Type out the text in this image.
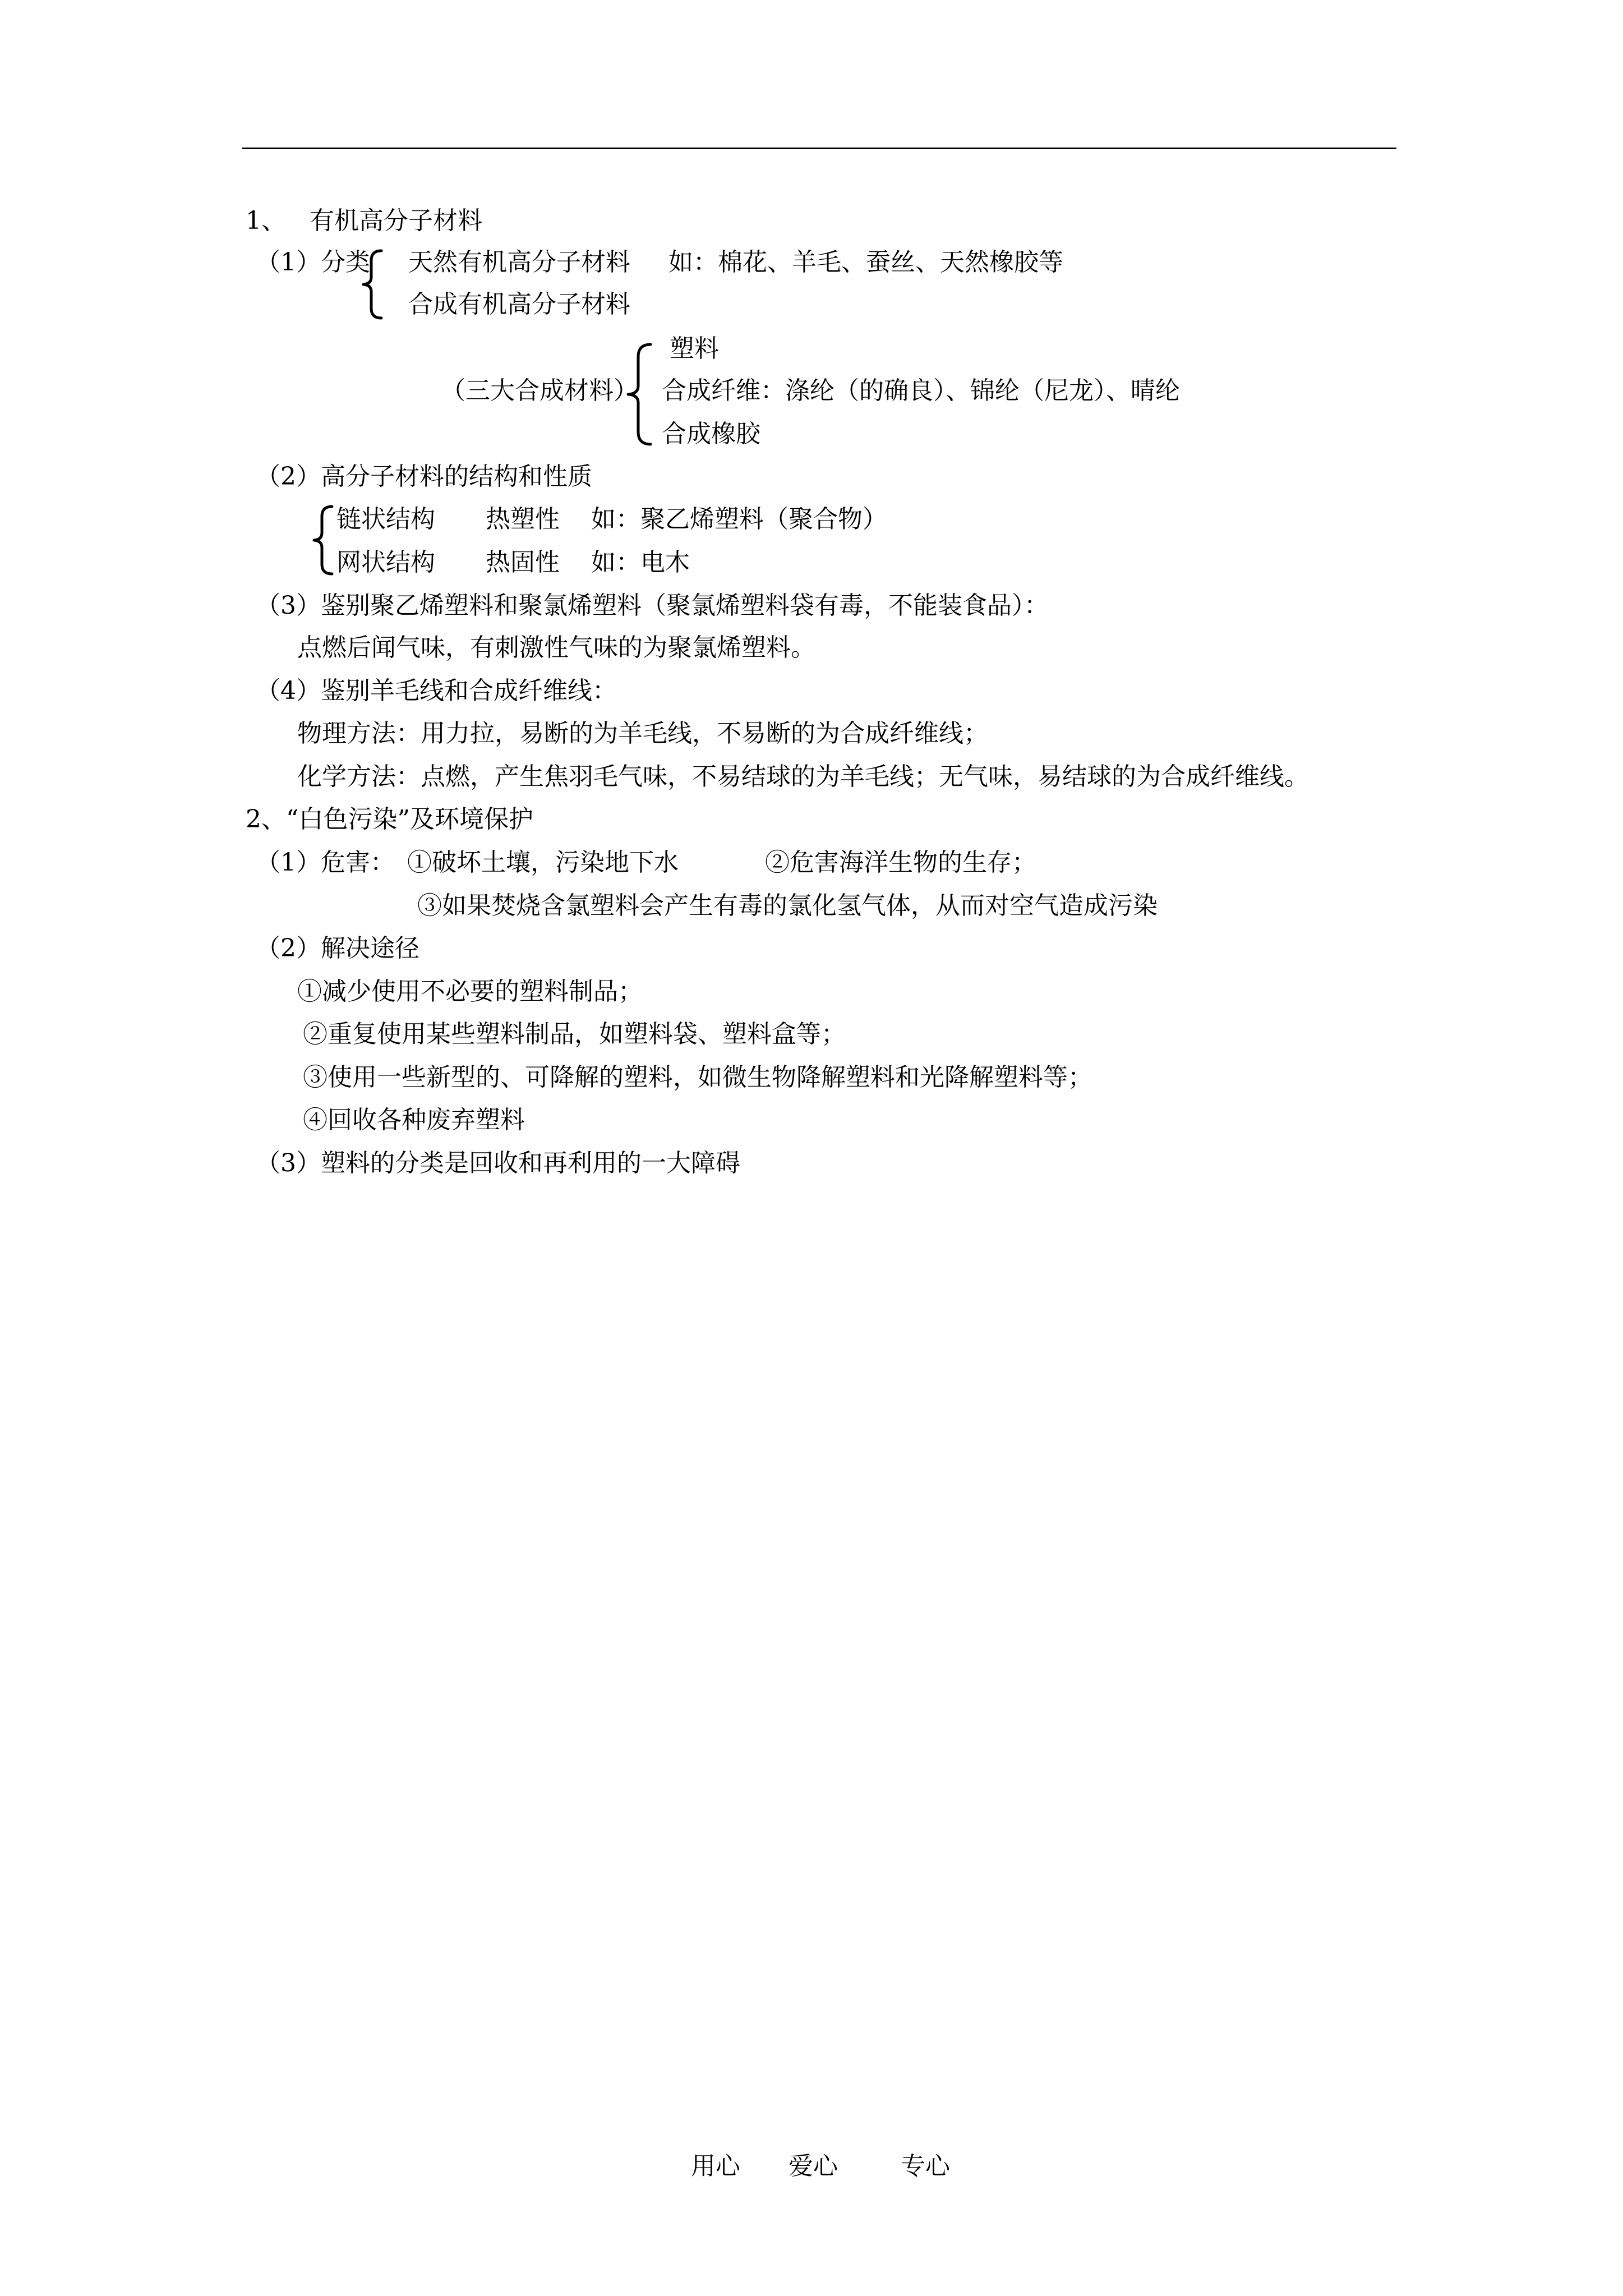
1、 有机高分子材料
（1）分类 天然有机高分子材料 如：棉花、羊毛、蚕丝、天然橡胶等
合成有机高分子材料
（三大合成材料）
塑料
合成纤维：涤纶（的确良）、锦纶（尼龙）、晴纶
合成橡胶
（2）高分子材料的结构和性质
链状结构 热塑性 如：聚乙烯塑料（聚合物）
网状结构 热固性 如：电木
（3）鉴别聚乙烯塑料和聚氯烯塑料（聚氯烯塑料袋有毒，不能装食品）：
点燃后闻气味，有刺激性气味的为聚氯烯塑料。
（4）鉴别羊毛线和合成纤维线：
物理方法：用力拉，易断的为羊毛线，不易断的为合成纤维线；
化学方法：点燃，产生焦羽毛气味，不易结球的为羊毛线；无气味，易结球的为合成纤维线。
2、“白色污染”及环境保护
（1）危害： ①破坏土壤，污染地下水	②危害海洋生物的生存；
③如果焚烧含氯塑料会产生有毒的氯化氢气体，从而对空气造成污染
（2）解决途径
①减少使用不必要的塑料制品；
②重复使用某些塑料制品，如塑料袋、塑料盒等；
③使用一些新型的、可降解的塑料，如微生物降解塑料和光降解塑料等；
④回收各种废弃塑料
（3）塑料的分类是回收和再利用的一大障碍
用心 爱心	专心
